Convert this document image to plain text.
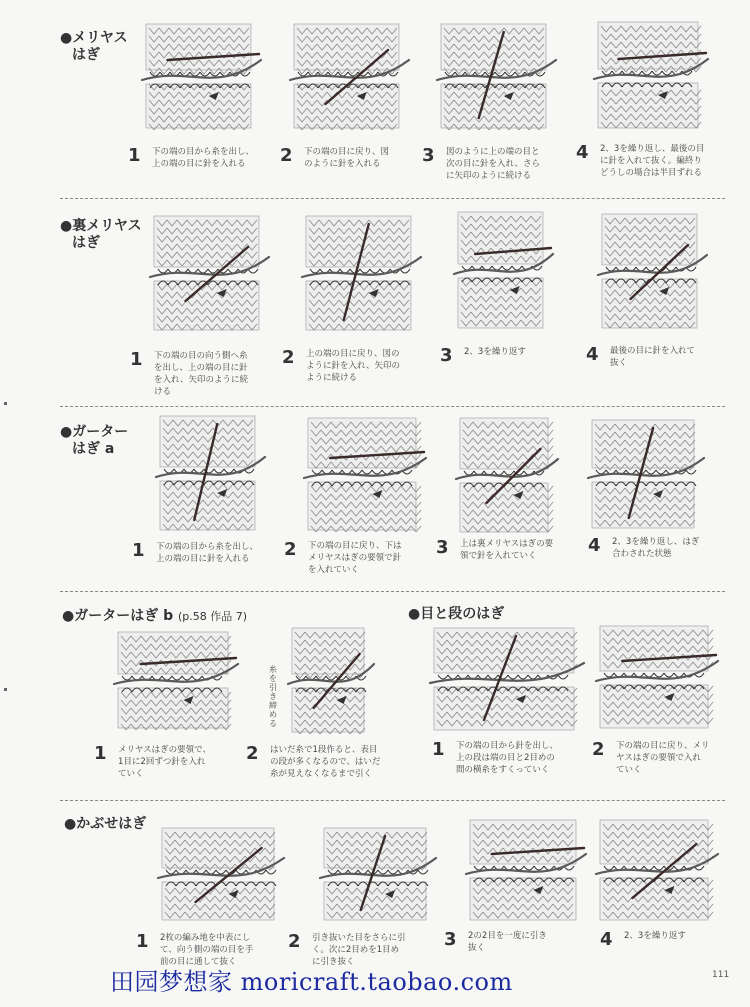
●メリヤス
はぎ
1	下の端の目から糸を出し、
上の端の目に針を入れる	2	下の端の目に戻り、図
のように針を入れる	3	図のように上の端の目と
次の目に針を入れ、さら
に矢印のように続ける
4	2、3を繰り返し、最後の目
に針を入れて抜く。編終り
どうしの場合は半目ずれる
●裏メリヤス
はぎ
1	下の端の目の向う側へ糸
を出し、上の端の目に針
を入れ、矢印のように続
ける
2	上の端の目に戻り、図の
ように針を入れ、矢印の
ように続ける
3	2、3を繰り返す	4	最後の目に針を入れて
抜く
●ガーター
はぎ a
1	下の端の目から糸を出し、
上の端の目に針を入れる	2	下の端の目に戻り、下は
メリヤスはぎの要領で針
を入れていく
3	上は裏メリヤスはぎの要
領で針を入れていく	4	2、3を繰り返し、はぎ
合わされた状態
●ガーターはぎ b (p.58 作品 7)
糸を引き締める
1	メリヤスはぎの要領で、
1目に2回ずつ針を入れ
ていく
2	はいだ糸で1段作ると、表目
の段が多くなるので、はいだ
糸が見えなくなるまで引く
●目と段のはぎ
1	下の端の目から針を出し、
上の段は端の目と2目めの
間の横糸をすくっていく
2	下の端の目に戻り、メリ
ヤスはぎの要領で入れ
ていく
●かぶせはぎ
1	2枚の編み地を中表にし
て、向う側の端の目を手
前の目に通して抜く
2	引き抜いた目をさらに引
く。次に2目めを1目め
に引き抜く
3	2の2目を一度に引き
抜く	4	2、3を繰り返す
田园梦想家 moricraft.taobao.com	111
